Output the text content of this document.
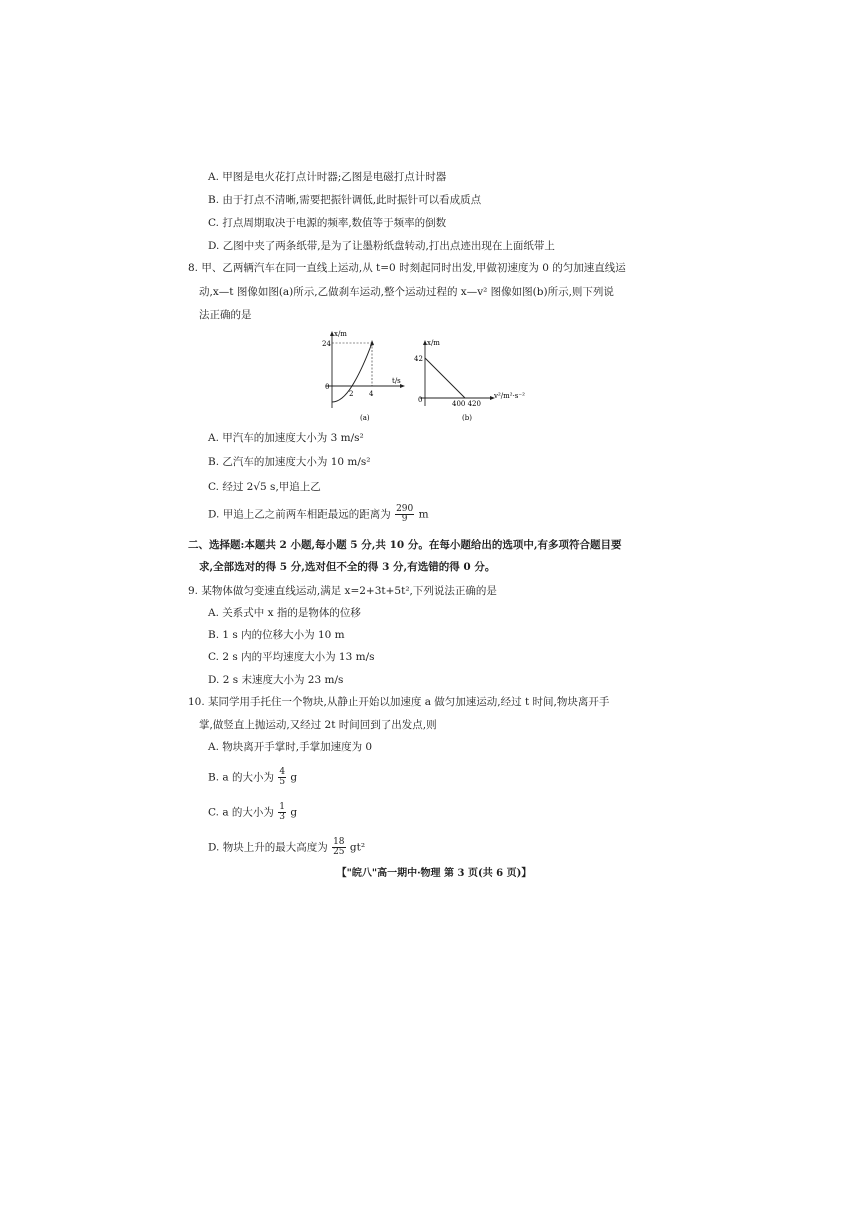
A. 甲图是电火花打点计时器;乙图是电磁打点计时器
B. 由于打点不清晰,需要把振针调低,此时振针可以看成质点
C. 打点周期取决于电源的频率,数值等于频率的倒数
D. 乙图中夹了两条纸带,是为了让墨粉纸盘转动,打出点迹出现在上面纸带上
8. 甲、乙两辆汽车在同一直线上运动,从 t=0 时刻起同时出发,甲做初速度为 0 的匀加速直线运
动,x—t 图像如图(a)所示,乙做刹车运动,整个运动过程的 x—v² 图像如图(b)所示,则下列说
法正确的是
x/m
24
0
2 4
t/s
(a)
x/m
42
0	400 420
v²/m²·s⁻²
(b)
A. 甲汽车的加速度大小为 3 m/s²
B. 乙汽车的加速度大小为 10 m/s²
C. 经过 2√5 s,甲追上乙
D. 甲追上乙之前两车相距最远的距离为 $\frac{290}{9}$ m
二、选择题:本题共 2 小题,每小题 5 分,共 10 分。在每小题给出的选项中,有多项符合题目要
求,全部选对的得 5 分,选对但不全的得 3 分,有选错的得 0 分。
9. 某物体做匀变速直线运动,满足 x=2+3t+5t²,下列说法正确的是
A. 关系式中 x 指的是物体的位移
B. 1 s 内的位移大小为 10 m
C. 2 s 内的平均速度大小为 13 m/s
D. 2 s 末速度大小为 23 m/s
10. 某同学用手托住一个物块,从静止开始以加速度 a 做匀加速运动,经过 t 时间,物块离开手
掌,做竖直上抛运动,又经过 2t 时间回到了出发点,则
A. 物块离开手掌时,手掌加速度为 0
B. a 的大小为 $\frac{4}{5}$ g
C. a 的大小为 $\frac{1}{3}$ g
D. 物块上升的最大高度为 $\frac{18}{25} gt^2$
【"皖八"高一期中·物理 第 3 页(共 6 页)】
